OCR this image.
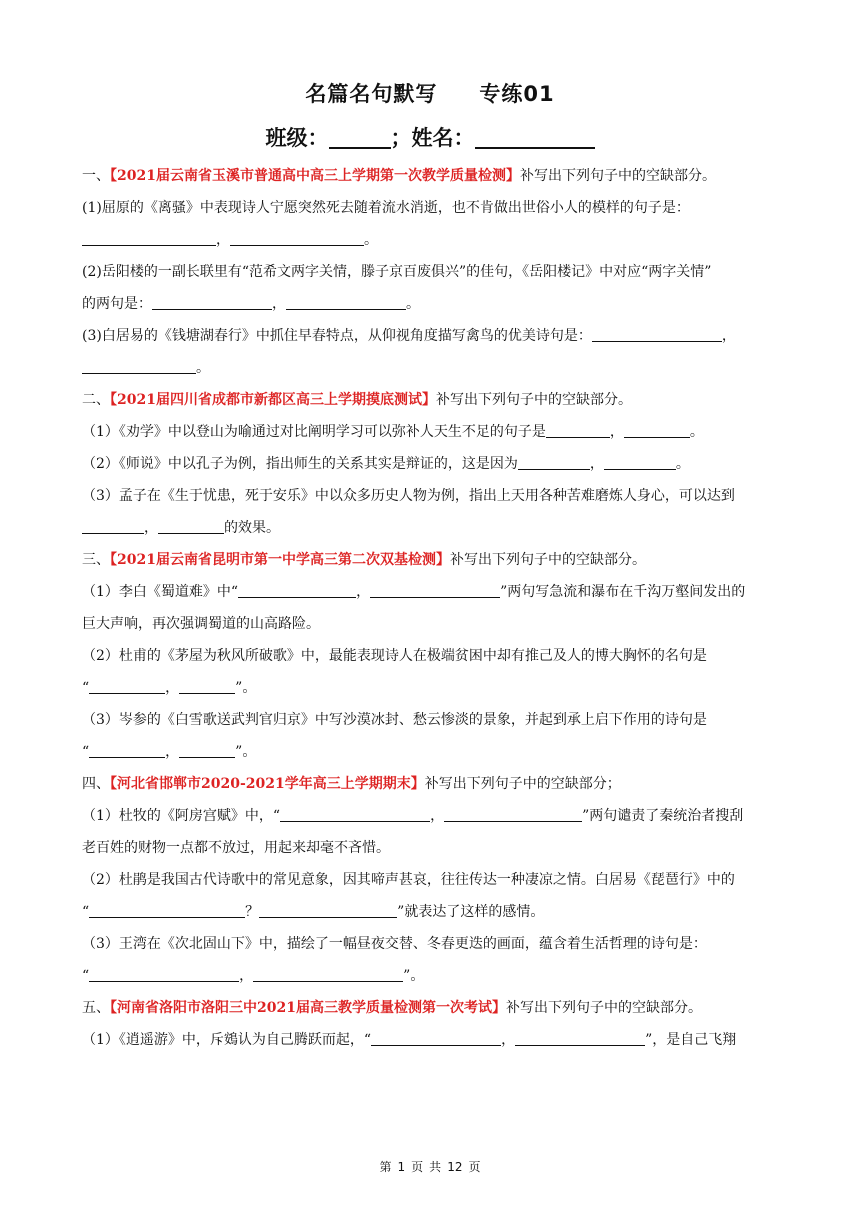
名篇名句默写 专练01
班级：	；姓名：
一、【2021届云南省玉溪市普通高中高三上学期第一次教学质量检测】补写出下列句子中的空缺部分。
(1)屈原的《离骚》中表现诗人宁愿突然死去随着流水消逝，也不肯做出世俗小人的模样的句子是：
，	。
(2)岳阳楼的一副长联里有“范希文两字关情，滕子京百废俱兴”的佳句，《岳阳楼记》中对应“两字关情”
的两句是：	，	。
(3)白居易的《钱塘湖春行》中抓住早春特点，从仰视角度描写禽鸟的优美诗句是：	，
。
二、【2021届四川省成都市新都区高三上学期摸底测试】补写出下列句子中的空缺部分。
（1）《劝学》中以登山为喻通过对比阐明学习可以弥补人天生不足的句子是	，	。
（2）《师说》中以孔子为例，指出师生的关系其实是辩证的，这是因为	，	。
（3）孟子在《生于忧患，死于安乐》中以众多历史人物为例，指出上天用各种苦难磨炼人身心，可以达到
，	的效果。
三、【2021届云南省昆明市第一中学高三第二次双基检测】补写出下列句子中的空缺部分。
（1）李白《蜀道难》中“	，	”两句写急流和瀑布在千沟万壑间发出的
巨大声响，再次强调蜀道的山高路险。
（2）杜甫的《茅屋为秋风所破歌》中，最能表现诗人在极端贫困中却有推己及人的博大胸怀的名句是
“	，	”。
（3）岑参的《白雪歌送武判官归京》中写沙漠冰封、愁云惨淡的景象，并起到承上启下作用的诗句是
“	，	”。
四、【河北省邯郸市2020-2021学年高三上学期期末】补写出下列句子中的空缺部分；
（1）杜牧的《阿房宫赋》中，“	，	”两句谴责了秦统治者搜刮
老百姓的财物一点都不放过，用起来却毫不吝惜。
（2）杜鹃是我国古代诗歌中的常见意象，因其啼声甚哀，往往传达一种凄凉之情。白居易《琵琶行》中的
“	？	”就表达了这样的感情。
（3）王湾在《次北固山下》中，描绘了一幅昼夜交替、冬春更迭的画面，蕴含着生活哲理的诗句是：
“	，	”。
五、【河南省洛阳市洛阳三中2021届高三教学质量检测第一次考试】补写出下列句子中的空缺部分。
（1）《逍遥游》中，斥鴳认为自己腾跃而起，“	，	”，是自己飞翔
第 1 页 共 12 页
